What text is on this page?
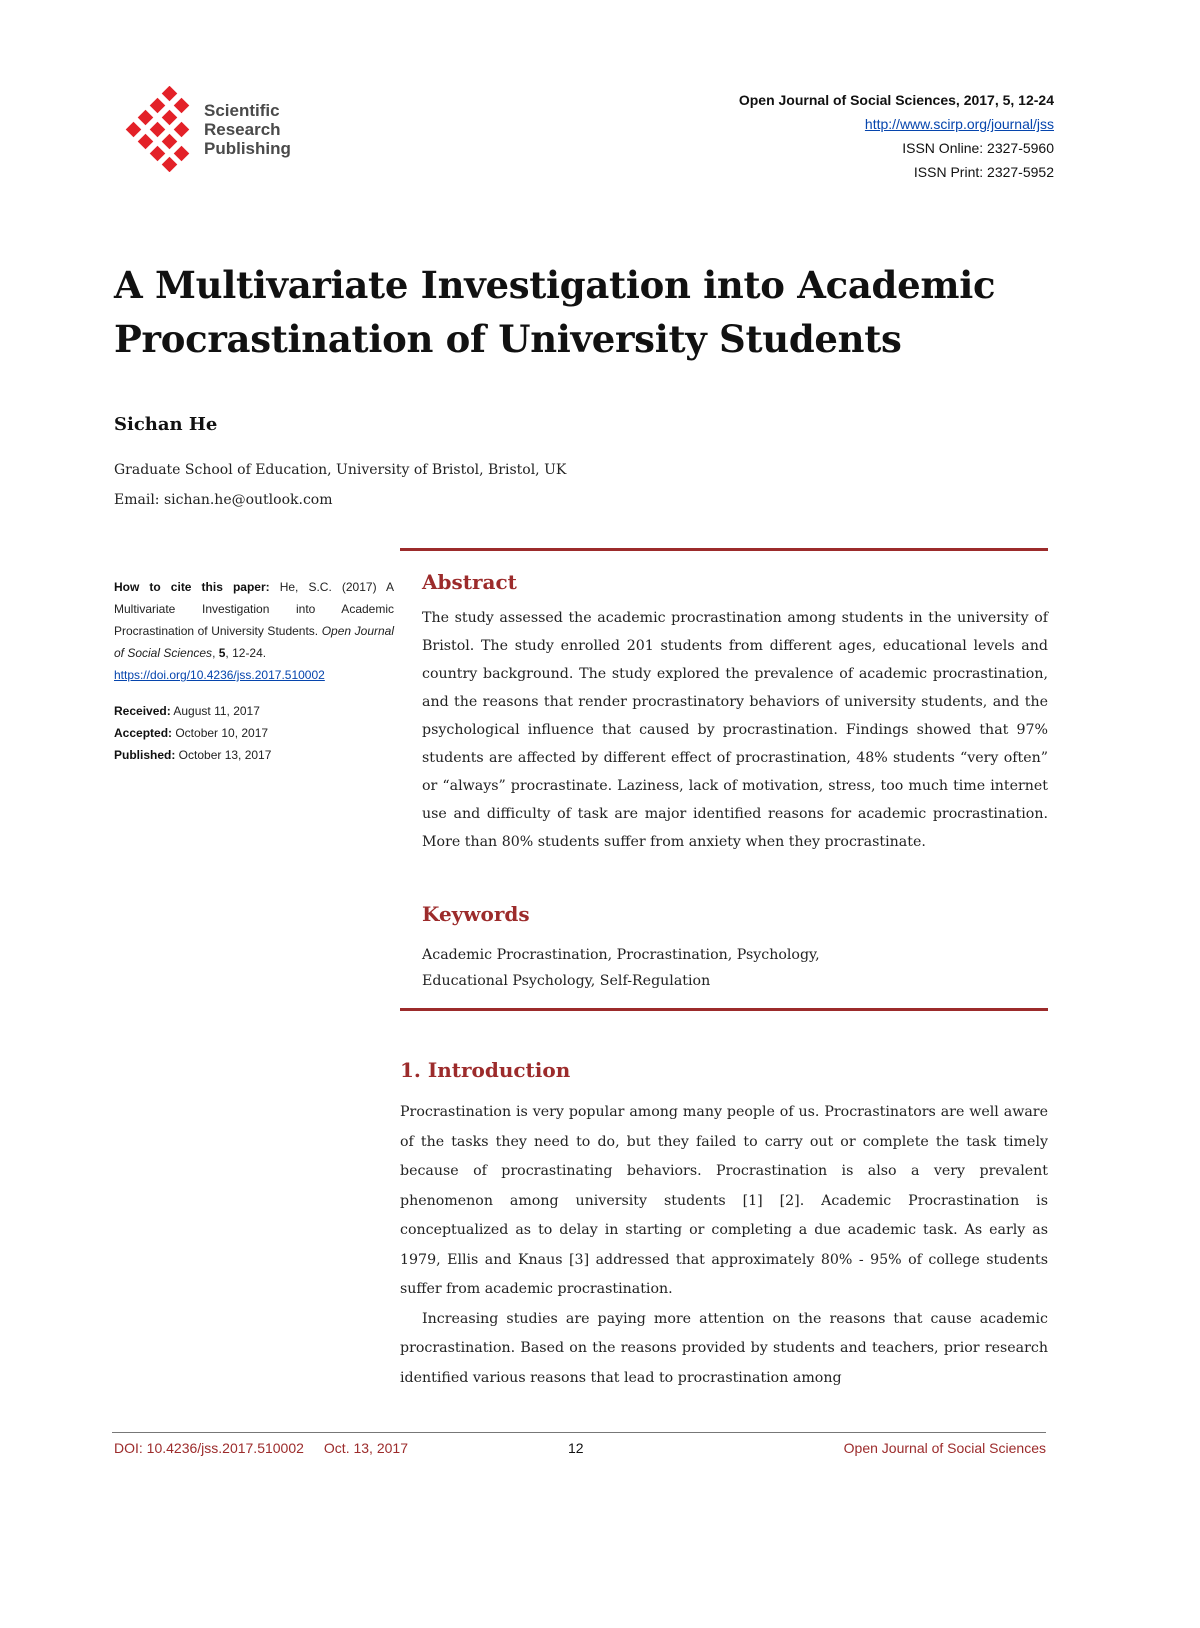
Scientific
Research
Publishing
Open Journal of Social Sciences, 2017, 5, 12-24
http://www.scirp.org/journal/jss
ISSN Online: 2327-5960
ISSN Print: 2327-5952
A Multivariate Investigation into Academic
Procrastination of University Students
Sichan He
Graduate School of Education, University of Bristol, Bristol, UK
Email: sichan.he@outlook.com
How to cite this paper: He, S.C. (2017) A Multivariate Investigation into Academic Procrastination of University Students. Open Journal of Social Sciences, 5, 12-24.
https://doi.org/10.4236/jss.2017.510002
Received: August 11, 2017
Accepted: October 10, 2017
Published: October 13, 2017
Abstract
The study assessed the academic procrastination among students in the university of Bristol. The study enrolled 201 students from different ages, educational levels and country background. The study explored the prevalence of academic procrastination, and the reasons that render procrastinatory behaviors of university students, and the psychological influence that caused by procrastination. Findings showed that 97% students are affected by different effect of procrastination, 48% students “very often” or “always” procrastinate. Laziness, lack of motivation, stress, too much time internet use and difficulty of task are major identified reasons for academic procrastination. More than 80% students suffer from anxiety when they procrastinate.
Keywords
Academic Procrastination, Procrastination, Psychology,
Educational Psychology, Self-Regulation
1. Introduction

Procrastination is very popular among many people of us. Procrastinators are well aware of the tasks they need to do, but they failed to carry out or complete the task timely because of procrastinating behaviors. Procrastination is also a very prevalent phenomenon among university students [1] [2]. Academic Procrastination is conceptualized as to delay in starting or completing a due academic task. As early as 1979, Ellis and Knaus [3] addressed that approximately 80% - 95% of college students suffer from academic procrastination.

Increasing studies are paying more attention on the reasons that cause academic procrastination. Based on the reasons provided by students and teachers, prior research identified various reasons that lead to procrastination among

DOI: 10.4236/jss.2017.510002 Oct. 13, 2017	12	Open Journal of Social Sciences
